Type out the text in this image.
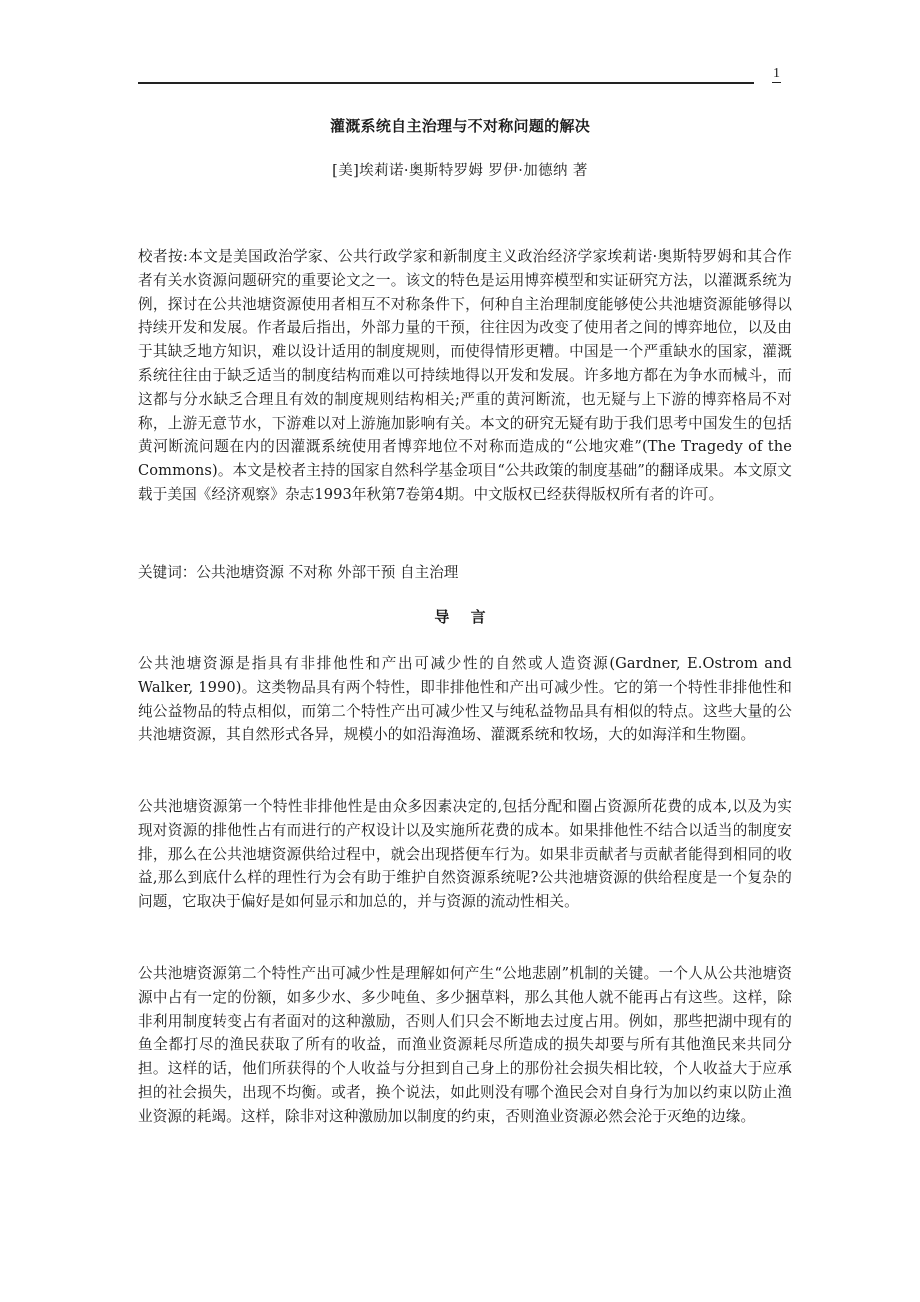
1
灌溉系统自主治理与不对称问题的解决
[美]埃莉诺·奥斯特罗姆 罗伊·加德纳 著

校者按:本文是美国政治学家、公共行政学家和新制度主义政治经济学家埃莉诺·奥斯特罗姆和其合作者有关水资源问题研究的重要论文之一。该文的特色是运用博弈模型和实证研究方法，以灌溉系统为例，探讨在公共池塘资源使用者相互不对称条件下，何种自主治理制度能够使公共池塘资源能够得以持续开发和发展。作者最后指出，外部力量的干预，往往因为改变了使用者之间的博弈地位，以及由于其缺乏地方知识，难以设计适用的制度规则，而使得情形更糟。中国是一个严重缺水的国家，灌溉系统往往由于缺乏适当的制度结构而难以可持续地得以开发和发展。许多地方都在为争水而械斗，而这都与分水缺乏合理且有效的制度规则结构相关;严重的黄河断流，也无疑与上下游的博弈格局不对称，上游无意节水，下游难以对上游施加影响有关。本文的研究无疑有助于我们思考中国发生的包括黄河断流问题在内的因灌溉系统使用者博弈地位不对称而造成的“公地灾难”(The Tragedy of the Commons)。本文是校者主持的国家自然科学基金项目“公共政策的制度基础”的翻译成果。本文原文载于美国《经济观察》杂志1993年秋第7卷第4期。中文版权已经获得版权所有者的许可。

关键词：公共池塘资源 不对称 外部干预 自主治理
导 言

公共池塘资源是指具有非排他性和产出可减少性的自然或人造资源(Gardner, E.Ostrom and Walker, 1990)。这类物品具有两个特性，即非排他性和产出可减少性。它的第一个特性非排他性和纯公益物品的特点相似，而第二个特性产出可减少性又与纯私益物品具有相似的特点。这些大量的公共池塘资源，其自然形式各异，规模小的如沿海渔场、灌溉系统和牧场，大的如海洋和生物圈。

公共池塘资源第一个特性非排他性是由众多因素决定的,包括分配和圈占资源所花费的成本,以及为实现对资源的排他性占有而进行的产权设计以及实施所花费的成本。如果排他性不结合以适当的制度安排，那么在公共池塘资源供给过程中，就会出现搭便车行为。如果非贡献者与贡献者能得到相同的收益,那么到底什么样的理性行为会有助于维护自然资源系统呢?公共池塘资源的供给程度是一个复杂的问题，它取决于偏好是如何显示和加总的，并与资源的流动性相关。

公共池塘资源第二个特性产出可减少性是理解如何产生“公地悲剧”机制的关键。一个人从公共池塘资源中占有一定的份额，如多少水、多少吨鱼、多少捆草料，那么其他人就不能再占有这些。这样，除非利用制度转变占有者面对的这种激励，否则人们只会不断地去过度占用。例如，那些把湖中现有的鱼全都打尽的渔民获取了所有的收益，而渔业资源耗尽所造成的损失却要与所有其他渔民来共同分担。这样的话，他们所获得的个人收益与分担到自己身上的那份社会损失相比较，个人收益大于应承担的社会损失，出现不均衡。或者，换个说法，如此则没有哪个渔民会对自身行为加以约束以防止渔业资源的耗竭。这样，除非对这种激励加以制度的约束，否则渔业资源必然会沦于灭绝的边缘。
